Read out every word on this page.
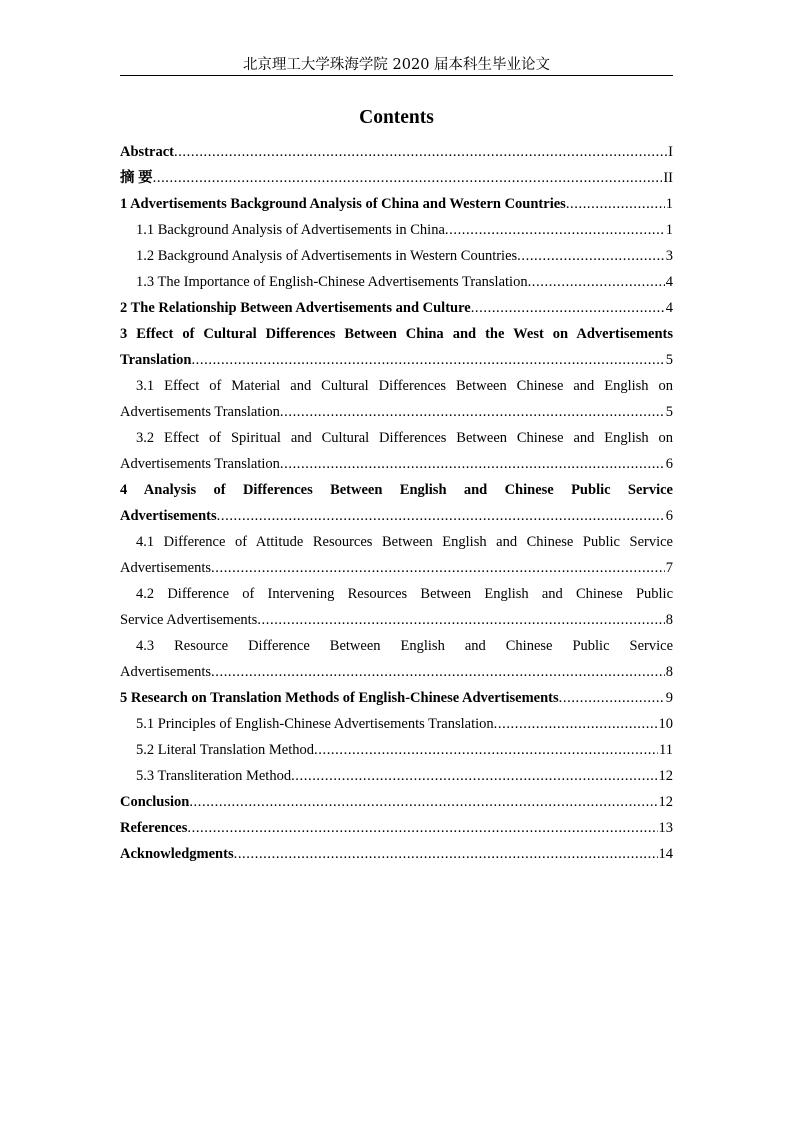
北京理工大学珠海学院 2020 届本科生毕业论文
Contents
Abstract .....	I
摘 要 .....	II
1 Advertisements Background Analysis of China and Western Countries .....	1
1.1 Background Analysis of Advertisements in China .....	1
1.2 Background Analysis of Advertisements in Western Countries .....	3
1.3 The Importance of English-Chinese Advertisements Translation .....	4
2 The Relationship Between Advertisements and Culture .....	4
3 Effect of Cultural Differences Between China and the West on Advertisements
Translation .....	5
3.1 Effect of Material and Cultural Differences Between Chinese and English on
Advertisements Translation .....	5
3.2 Effect of Spiritual and Cultural Differences Between Chinese and English on
Advertisements Translation .....	6
4 Analysis of Differences Between English and Chinese Public Service
Advertisements .....	6
4.1 Difference of Attitude Resources Between English and Chinese Public Service
Advertisements .....	7
4.2 Difference of Intervening Resources Between English and Chinese Public
Service Advertisements .....	8
4.3 Resource Difference Between English and Chinese Public Service
Advertisements .....	8
5 Research on Translation Methods of English-Chinese Advertisements .....	9
5.1 Principles of English-Chinese Advertisements Translation .....	10
5.2 Literal Translation Method .....	11
5.3 Transliteration Method .....	12
Conclusion .....	12
References .....	13
Acknowledgments .....	14
